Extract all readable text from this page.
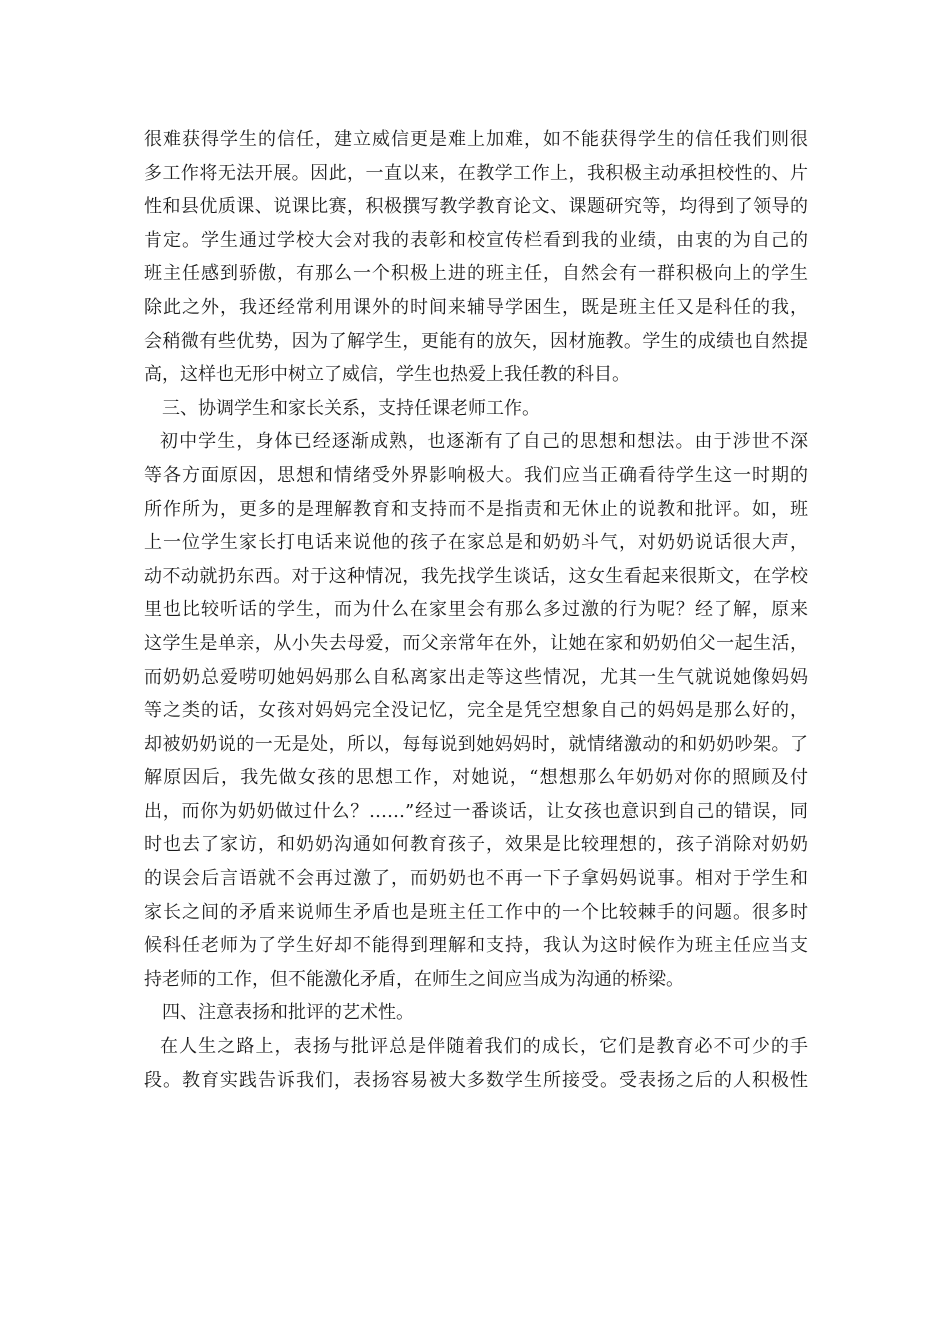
很难获得学生的信任，建立威信更是难上加难，如不能获得学生的信任我们则很
多工作将无法开展。因此，一直以来，在教学工作上，我积极主动承担校性的、片
性和县优质课、说课比赛，积极撰写教学教育论文、课题研究等，均得到了领导的
肯定。学生通过学校大会对我的表彰和校宣传栏看到我的业绩，由衷的为自己的
班主任感到骄傲，有那么一个积极上进的班主任，自然会有一群积极向上的学生
除此之外，我还经常利用课外的时间来辅导学困生，既是班主任又是科任的我，
会稍微有些优势，因为了解学生，更能有的放矢，因材施教。学生的成绩也自然提
高，这样也无形中树立了威信，学生也热爱上我任教的科目。
三、协调学生和家长关系，支持任课老师工作。
初中学生，身体已经逐渐成熟，也逐渐有了自己的思想和想法。由于涉世不深
等各方面原因，思想和情绪受外界影响极大。我们应当正确看待学生这一时期的
所作所为，更多的是理解教育和支持而不是指责和无休止的说教和批评。如，班
上一位学生家长打电话来说他的孩子在家总是和奶奶斗气，对奶奶说话很大声，
动不动就扔东西。对于这种情况，我先找学生谈话，这女生看起来很斯文，在学校
里也比较听话的学生，而为什么在家里会有那么多过激的行为呢？经了解，原来
这学生是单亲，从小失去母爱，而父亲常年在外，让她在家和奶奶伯父一起生活，
而奶奶总爱唠叨她妈妈那么自私离家出走等这些情况，尤其一生气就说她像妈妈
等之类的话，女孩对妈妈完全没记忆，完全是凭空想象自己的妈妈是那么好的，
却被奶奶说的一无是处，所以，每每说到她妈妈时，就情绪激动的和奶奶吵架。了
解原因后，我先做女孩的思想工作，对她说，“想想那么年奶奶对你的照顾及付
出，而你为奶奶做过什么？……”经过一番谈话，让女孩也意识到自己的错误，同
时也去了家访，和奶奶沟通如何教育孩子，效果是比较理想的，孩子消除对奶奶
的误会后言语就不会再过激了，而奶奶也不再一下子拿妈妈说事。相对于学生和
家长之间的矛盾来说师生矛盾也是班主任工作中的一个比较棘手的问题。很多时
候科任老师为了学生好却不能得到理解和支持，我认为这时候作为班主任应当支
持老师的工作，但不能激化矛盾，在师生之间应当成为沟通的桥梁。
四、注意表扬和批评的艺术性。
在人生之路上，表扬与批评总是伴随着我们的成长，它们是教育必不可少的手
段。教育实践告诉我们，表扬容易被大多数学生所接受。受表扬之后的人积极性
